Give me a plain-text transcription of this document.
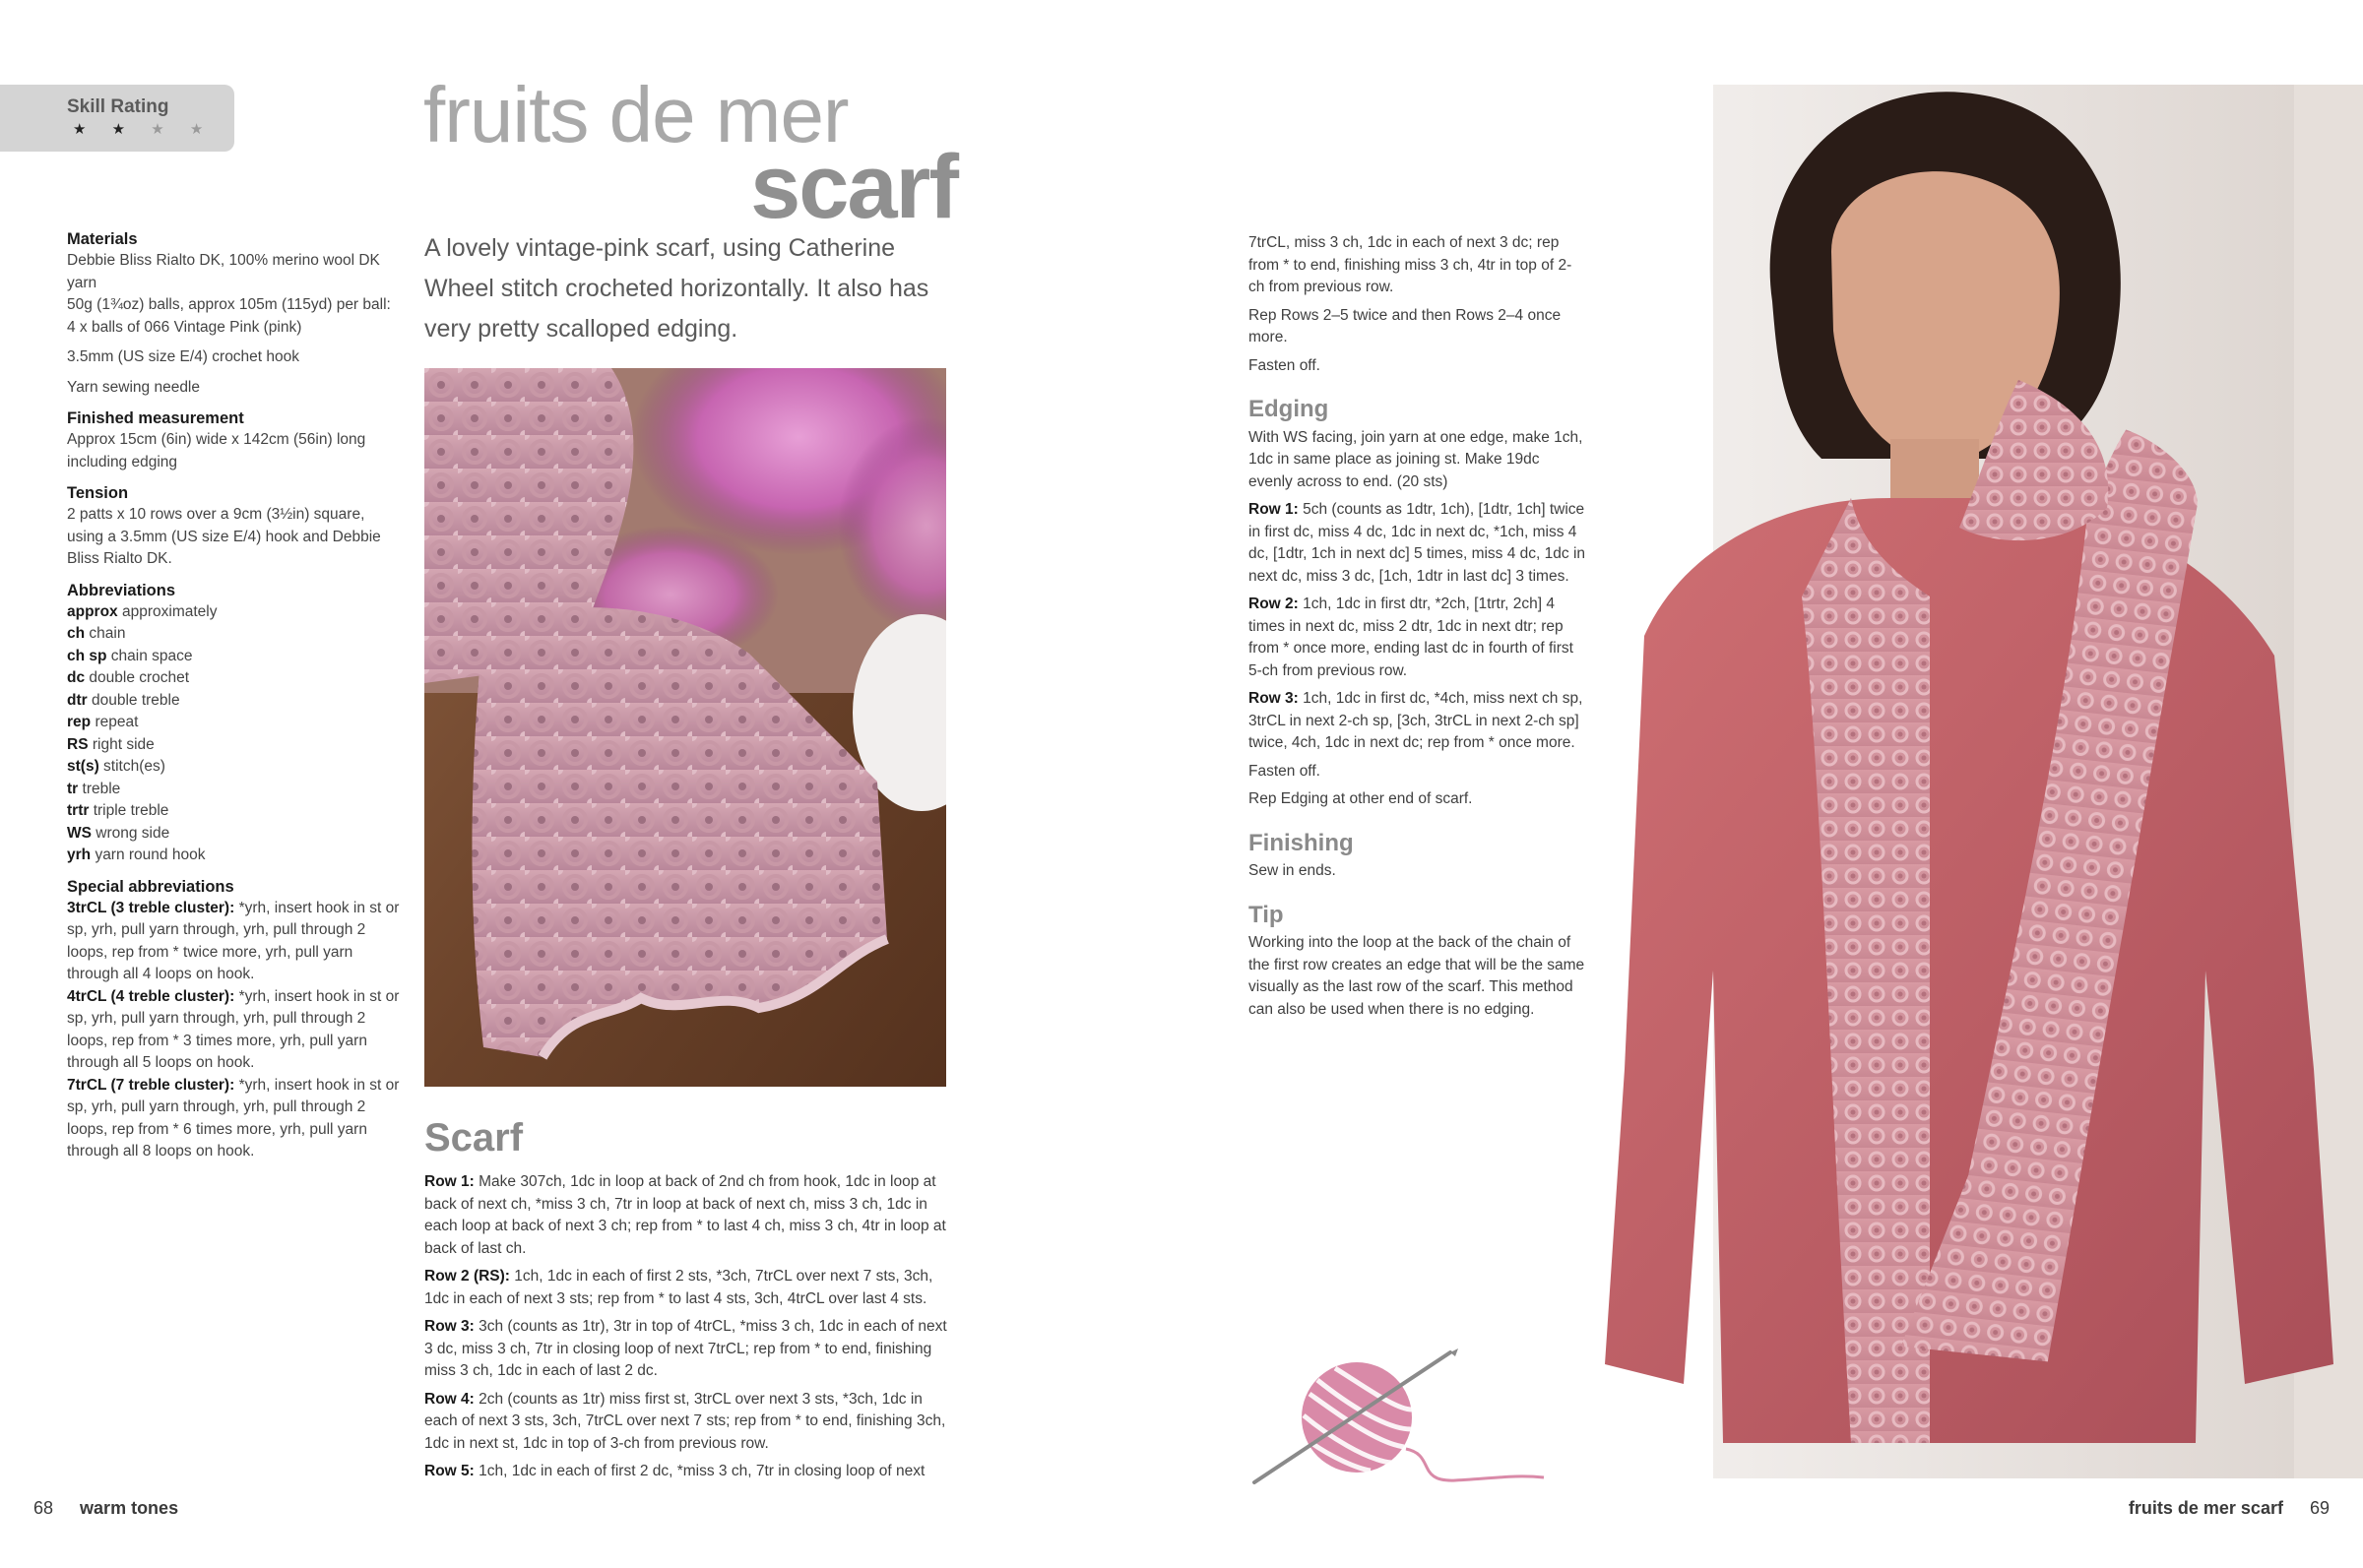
Skill Rating
★ ★ ★ ★
Materials

Debbie Bliss Rialto DK, 100% merino wool DK yarn

50g (1¾oz) balls, approx 105m (115yd) per ball: 4 x balls of 066 Vintage Pink (pink)

3.5mm (US size E/4) crochet hook

Yarn sewing needle

Finished measurement

Approx 15cm (6in) wide x 142cm (56in) long including edging

Tension

2 patts x 10 rows over a 9cm (3½in) square, using a 3.5mm (US size E/4) hook and Debbie Bliss Rialto DK.

Abbreviations
approx approximately
ch chain
ch sp chain space
dc double crochet
dtr double treble
rep repeat
RS right side
st(s) stitch(es)
tr treble
trtr triple treble
WS wrong side
yrh yarn round hook
Special abbreviations

3trCL (3 treble cluster): *yrh, insert hook in st or sp, yrh, pull yarn through, yrh, pull through 2 loops, rep from * twice more, yrh, pull yarn through all 4 loops on hook.

4trCL (4 treble cluster): *yrh, insert hook in st or sp, yrh, pull yarn through, yrh, pull through 2 loops, rep from * 3 times more, yrh, pull yarn through all 5 loops on hook.

7trCL (7 treble cluster): *yrh, insert hook in st or sp, yrh, pull yarn through, yrh, pull through 2 loops, rep from * 6 times more, yrh, pull yarn through all 8 loops on hook.

fruits de mer
scarf
A lovely vintage-pink scarf, using Catherine Wheel stitch crocheted horizontally. It also has very pretty scalloped edging.
Scarf

Row 1: Make 307ch, 1dc in loop at back of 2nd ch from hook, 1dc in loop at back of next ch, *miss 3 ch, 7tr in loop at back of next ch, miss 3 ch, 1dc in each loop at back of next 3 ch; rep from * to last 4 ch, miss 3 ch, 4tr in loop at back of last ch.

Row 2 (RS): 1ch, 1dc in each of first 2 sts, *3ch, 7trCL over next 7 sts, 3ch, 1dc in each of next 3 sts; rep from * to last 4 sts, 3ch, 4trCL over last 4 sts.

Row 3: 3ch (counts as 1tr), 3tr in top of 4trCL, *miss 3 ch, 1dc in each of next 3 dc, miss 3 ch, 7tr in closing loop of next 7trCL; rep from * to end, finishing miss 3 ch, 1dc in each of last 2 dc.

Row 4: 2ch (counts as 1tr) miss first st, 3trCL over next 3 sts, *3ch, 1dc in each of next 3 sts, 3ch, 7trCL over next 7 sts; rep from * to end, finishing 3ch, 1dc in next st, 1dc in top of 3-ch from previous row.

Row 5: 1ch, 1dc in each of first 2 dc, *miss 3 ch, 7tr in closing loop of next

7trCL, miss 3 ch, 1dc in each of next 3 dc; rep from * to end, finishing miss 3 ch, 4tr in top of 2-ch from previous row.

Rep Rows 2–5 twice and then Rows 2–4 once more.

Fasten off.

Edging

With WS facing, join yarn at one edge, make 1ch, 1dc in same place as joining st. Make 19dc evenly across to end. (20 sts)

Row 1: 5ch (counts as 1dtr, 1ch), [1dtr, 1ch] twice in first dc, miss 4 dc, 1dc in next dc, *1ch, miss 4 dc, [1dtr, 1ch in next dc] 5 times, miss 4 dc, 1dc in next dc, miss 3 dc, [1ch, 1dtr in last dc] 3 times.

Row 2: 1ch, 1dc in first dtr, *2ch, [1trtr, 2ch] 4 times in next dc, miss 2 dtr, 1dc in next dtr; rep from * once more, ending last dc in fourth of first 5-ch from previous row.

Row 3: 1ch, 1dc in first dc, *4ch, miss next ch sp, 3trCL in next 2-ch sp, [3ch, 3trCL in next 2-ch sp] twice, 4ch, 1dc in next dc; rep from * once more.

Fasten off.

Rep Edging at other end of scarf.

Finishing

Sew in ends.

Tip

Working into the loop at the back of the chain of the first row creates an edge that will be the same visually as the last row of the scarf. This method can also be used when there is no edging.

68 warm tones	fruits de mer scarf 69
